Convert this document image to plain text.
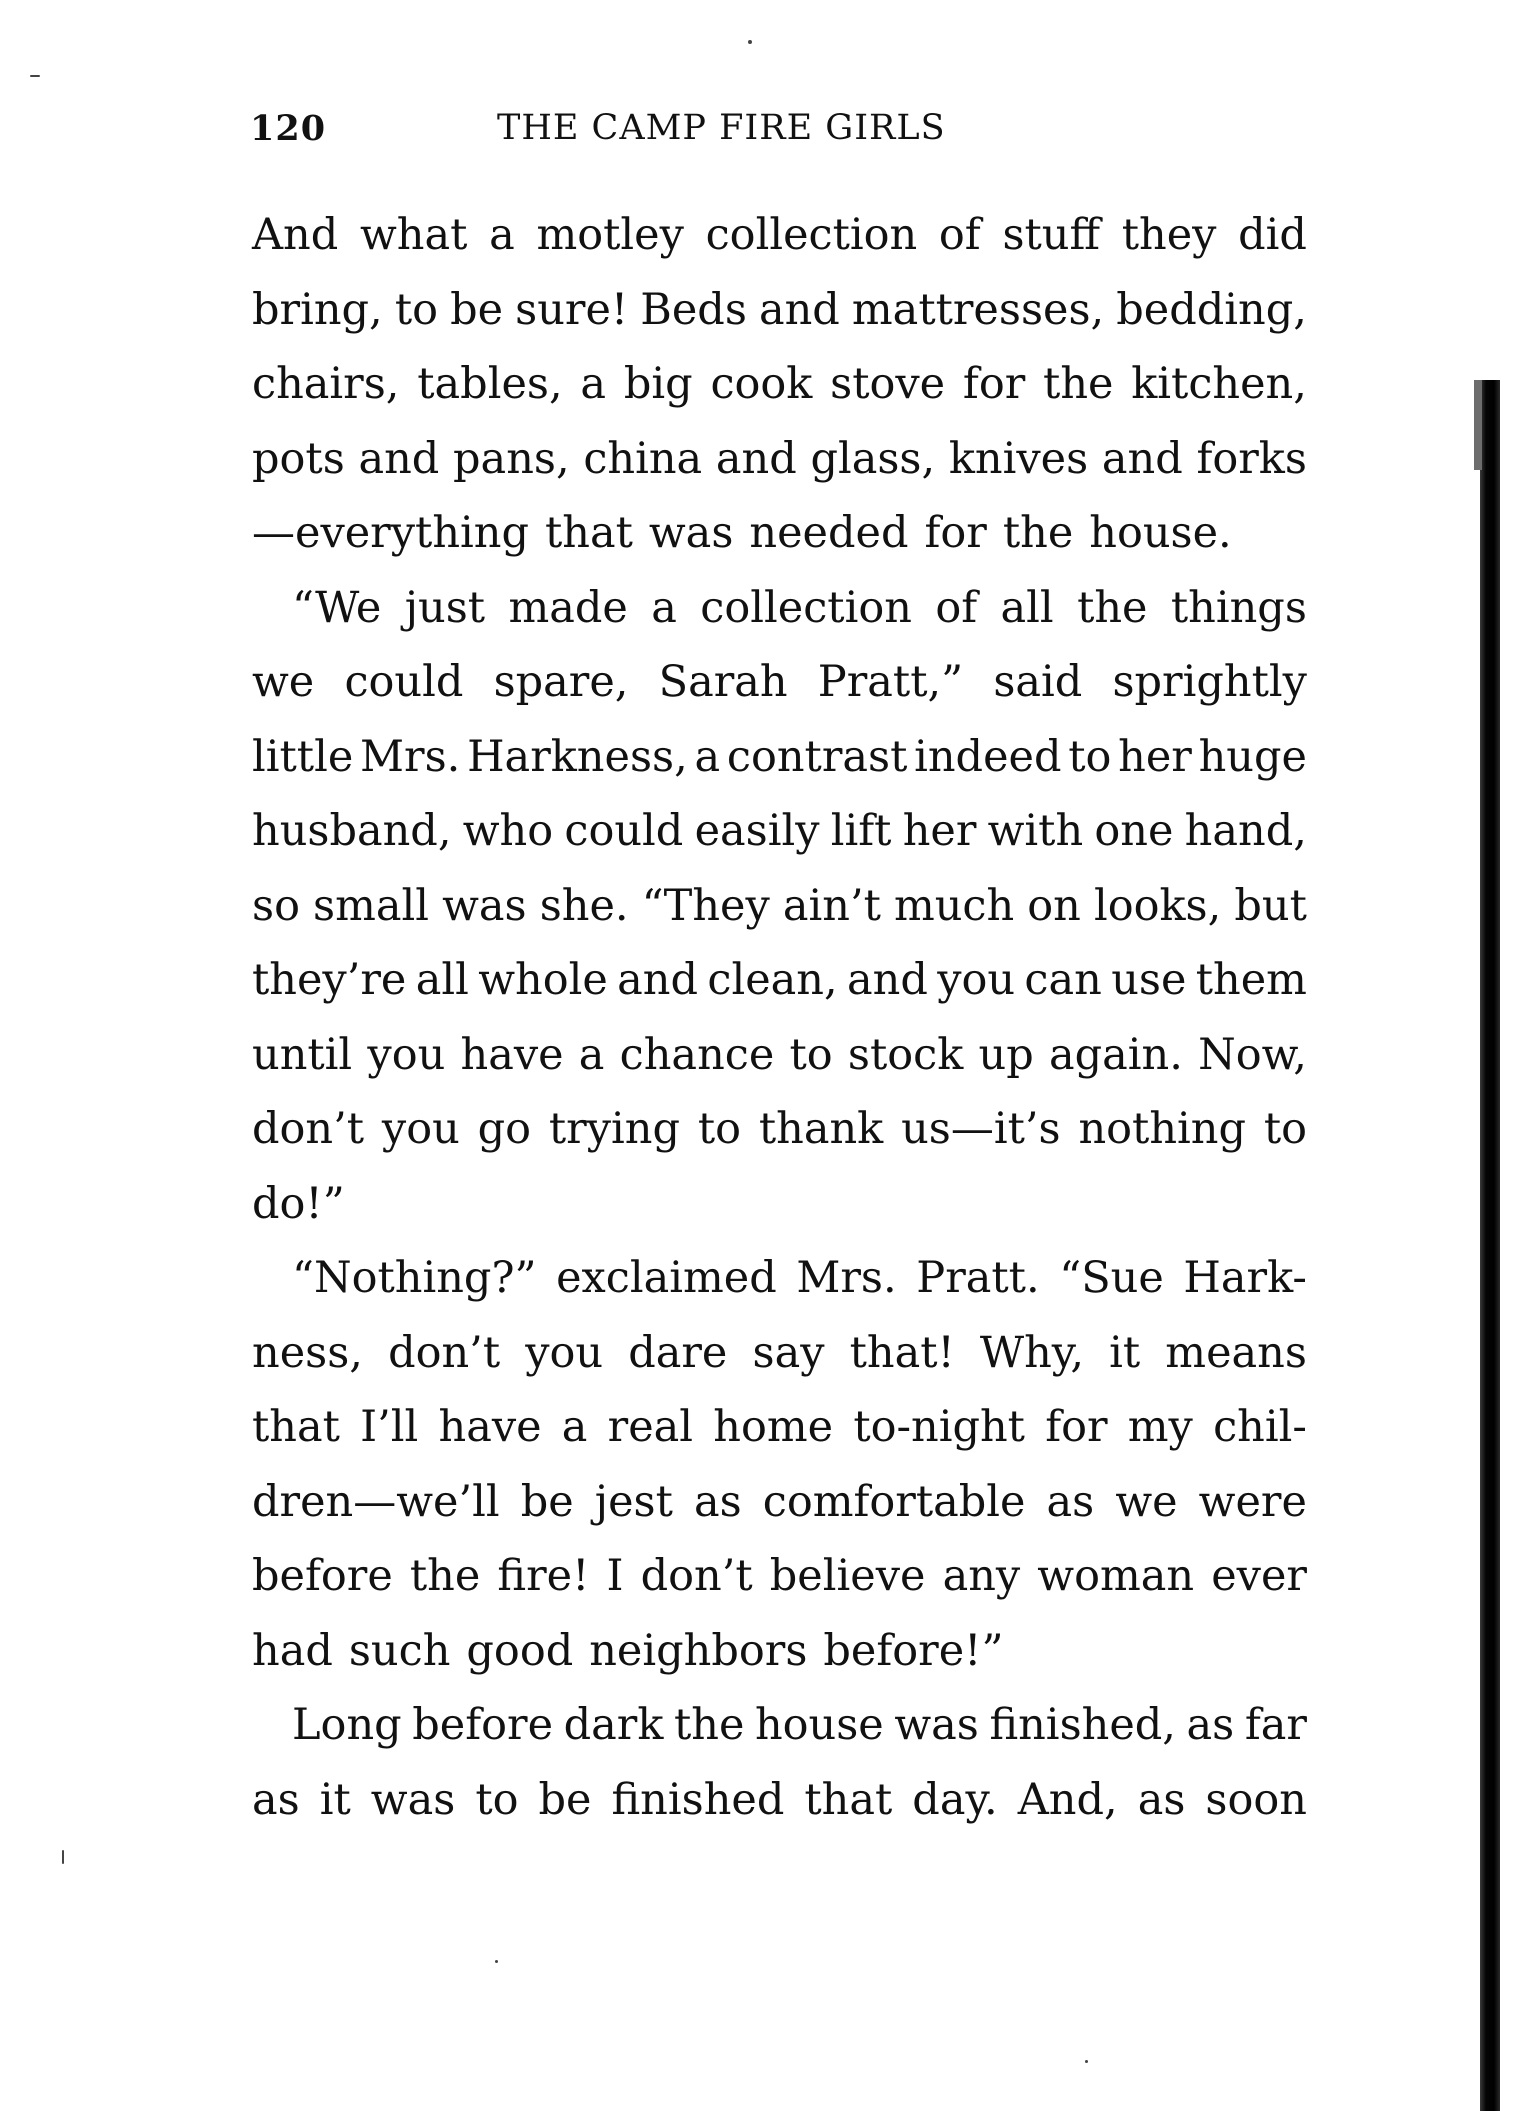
120	THE CAMP FIRE GIRLS
And what a motley collection of stuff they did
bring, to be sure! Beds and mattresses, bedding,
chairs, tables, a big cook stove for the kitchen,
pots and pans, china and glass, knives and forks
—everything that was needed for the house.
“We just made a collection of all the things
we could spare, Sarah Pratt,” said sprightly
little Mrs. Harkness, a contrast indeed to her huge
husband, who could easily lift her with one hand,
so small was she. “They ain’t much on looks, but
they’re all whole and clean, and you can use them
until you have a chance to stock up again. Now,
don’t you go trying to thank us—it’s nothing to
do!”
“Nothing?” exclaimed Mrs. Pratt. “Sue Hark-
ness, don’t you dare say that! Why, it means
that I’ll have a real home to-night for my chil-
dren—we’ll be jest as comfortable as we were
before the fire! I don’t believe any woman ever
had such good neighbors before!”
Long before dark the house was finished, as far
as it was to be finished that day. And, as soon
